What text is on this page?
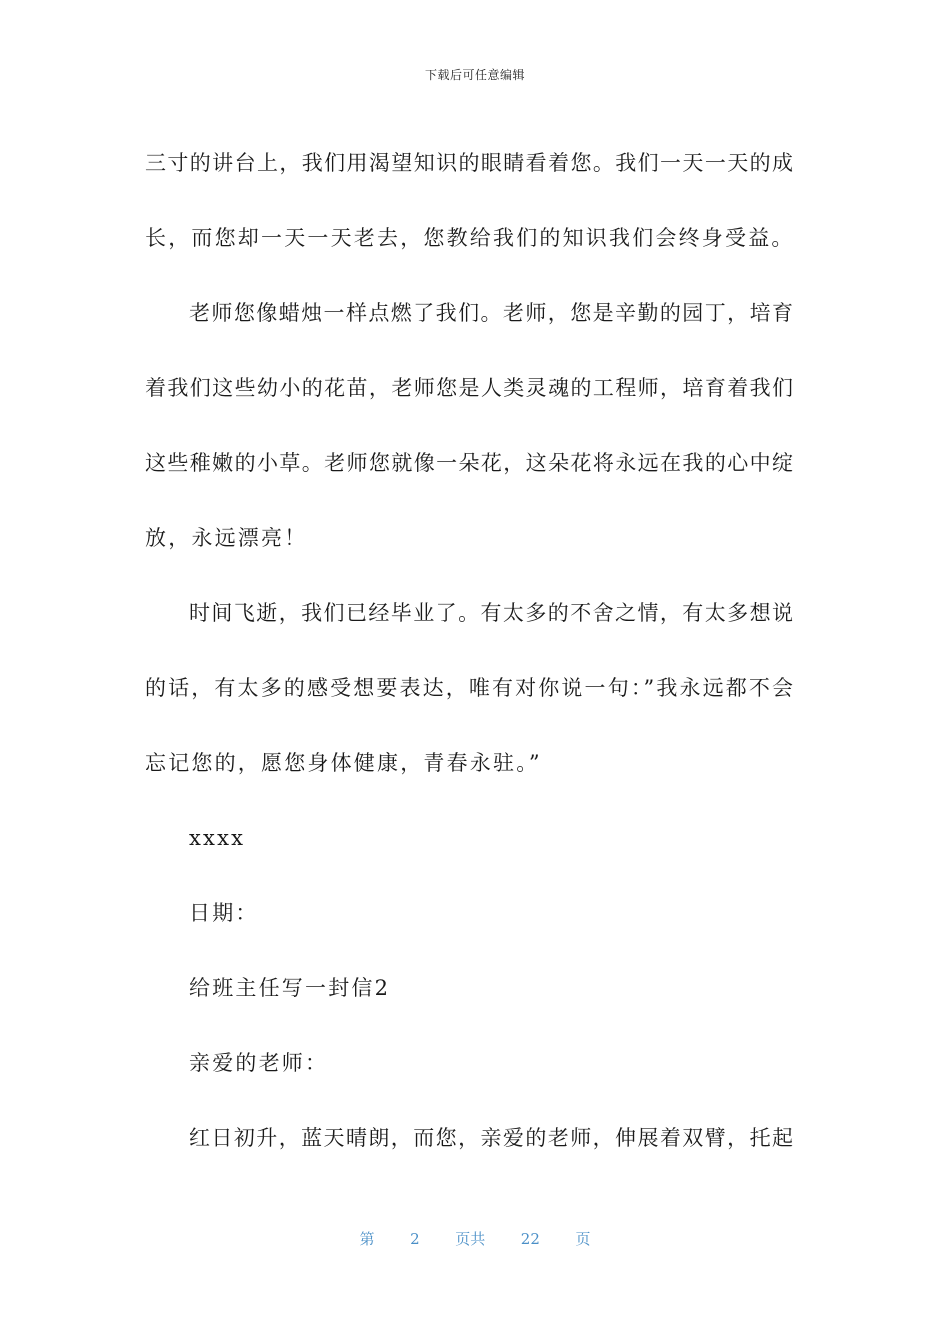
下载后可任意编辑
三寸的讲台上，我们用渴望知识的眼睛看着您。我们一天一天的成
长，而您却一天一天老去，您教给我们的知识我们会终身受益。
老师您像蜡烛一样点燃了我们。老师，您是辛勤的园丁，培育
着我们这些幼小的花苗，老师您是人类灵魂的工程师，培育着我们
这些稚嫩的小草。老师您就像一朵花，这朵花将永远在我的心中绽
放，永远漂亮！
时间飞逝，我们已经毕业了。有太多的不舍之情，有太多想说
的话，有太多的感受想要表达，唯有对你说一句：”我永远都不会
忘记您的，愿您身体健康，青春永驻。”
xxxx
日期：
给班主任写一封信2
亲爱的老师：
红日初升，蓝天晴朗，而您，亲爱的老师，伸展着双臂，托起
第 2 页共 22 页
